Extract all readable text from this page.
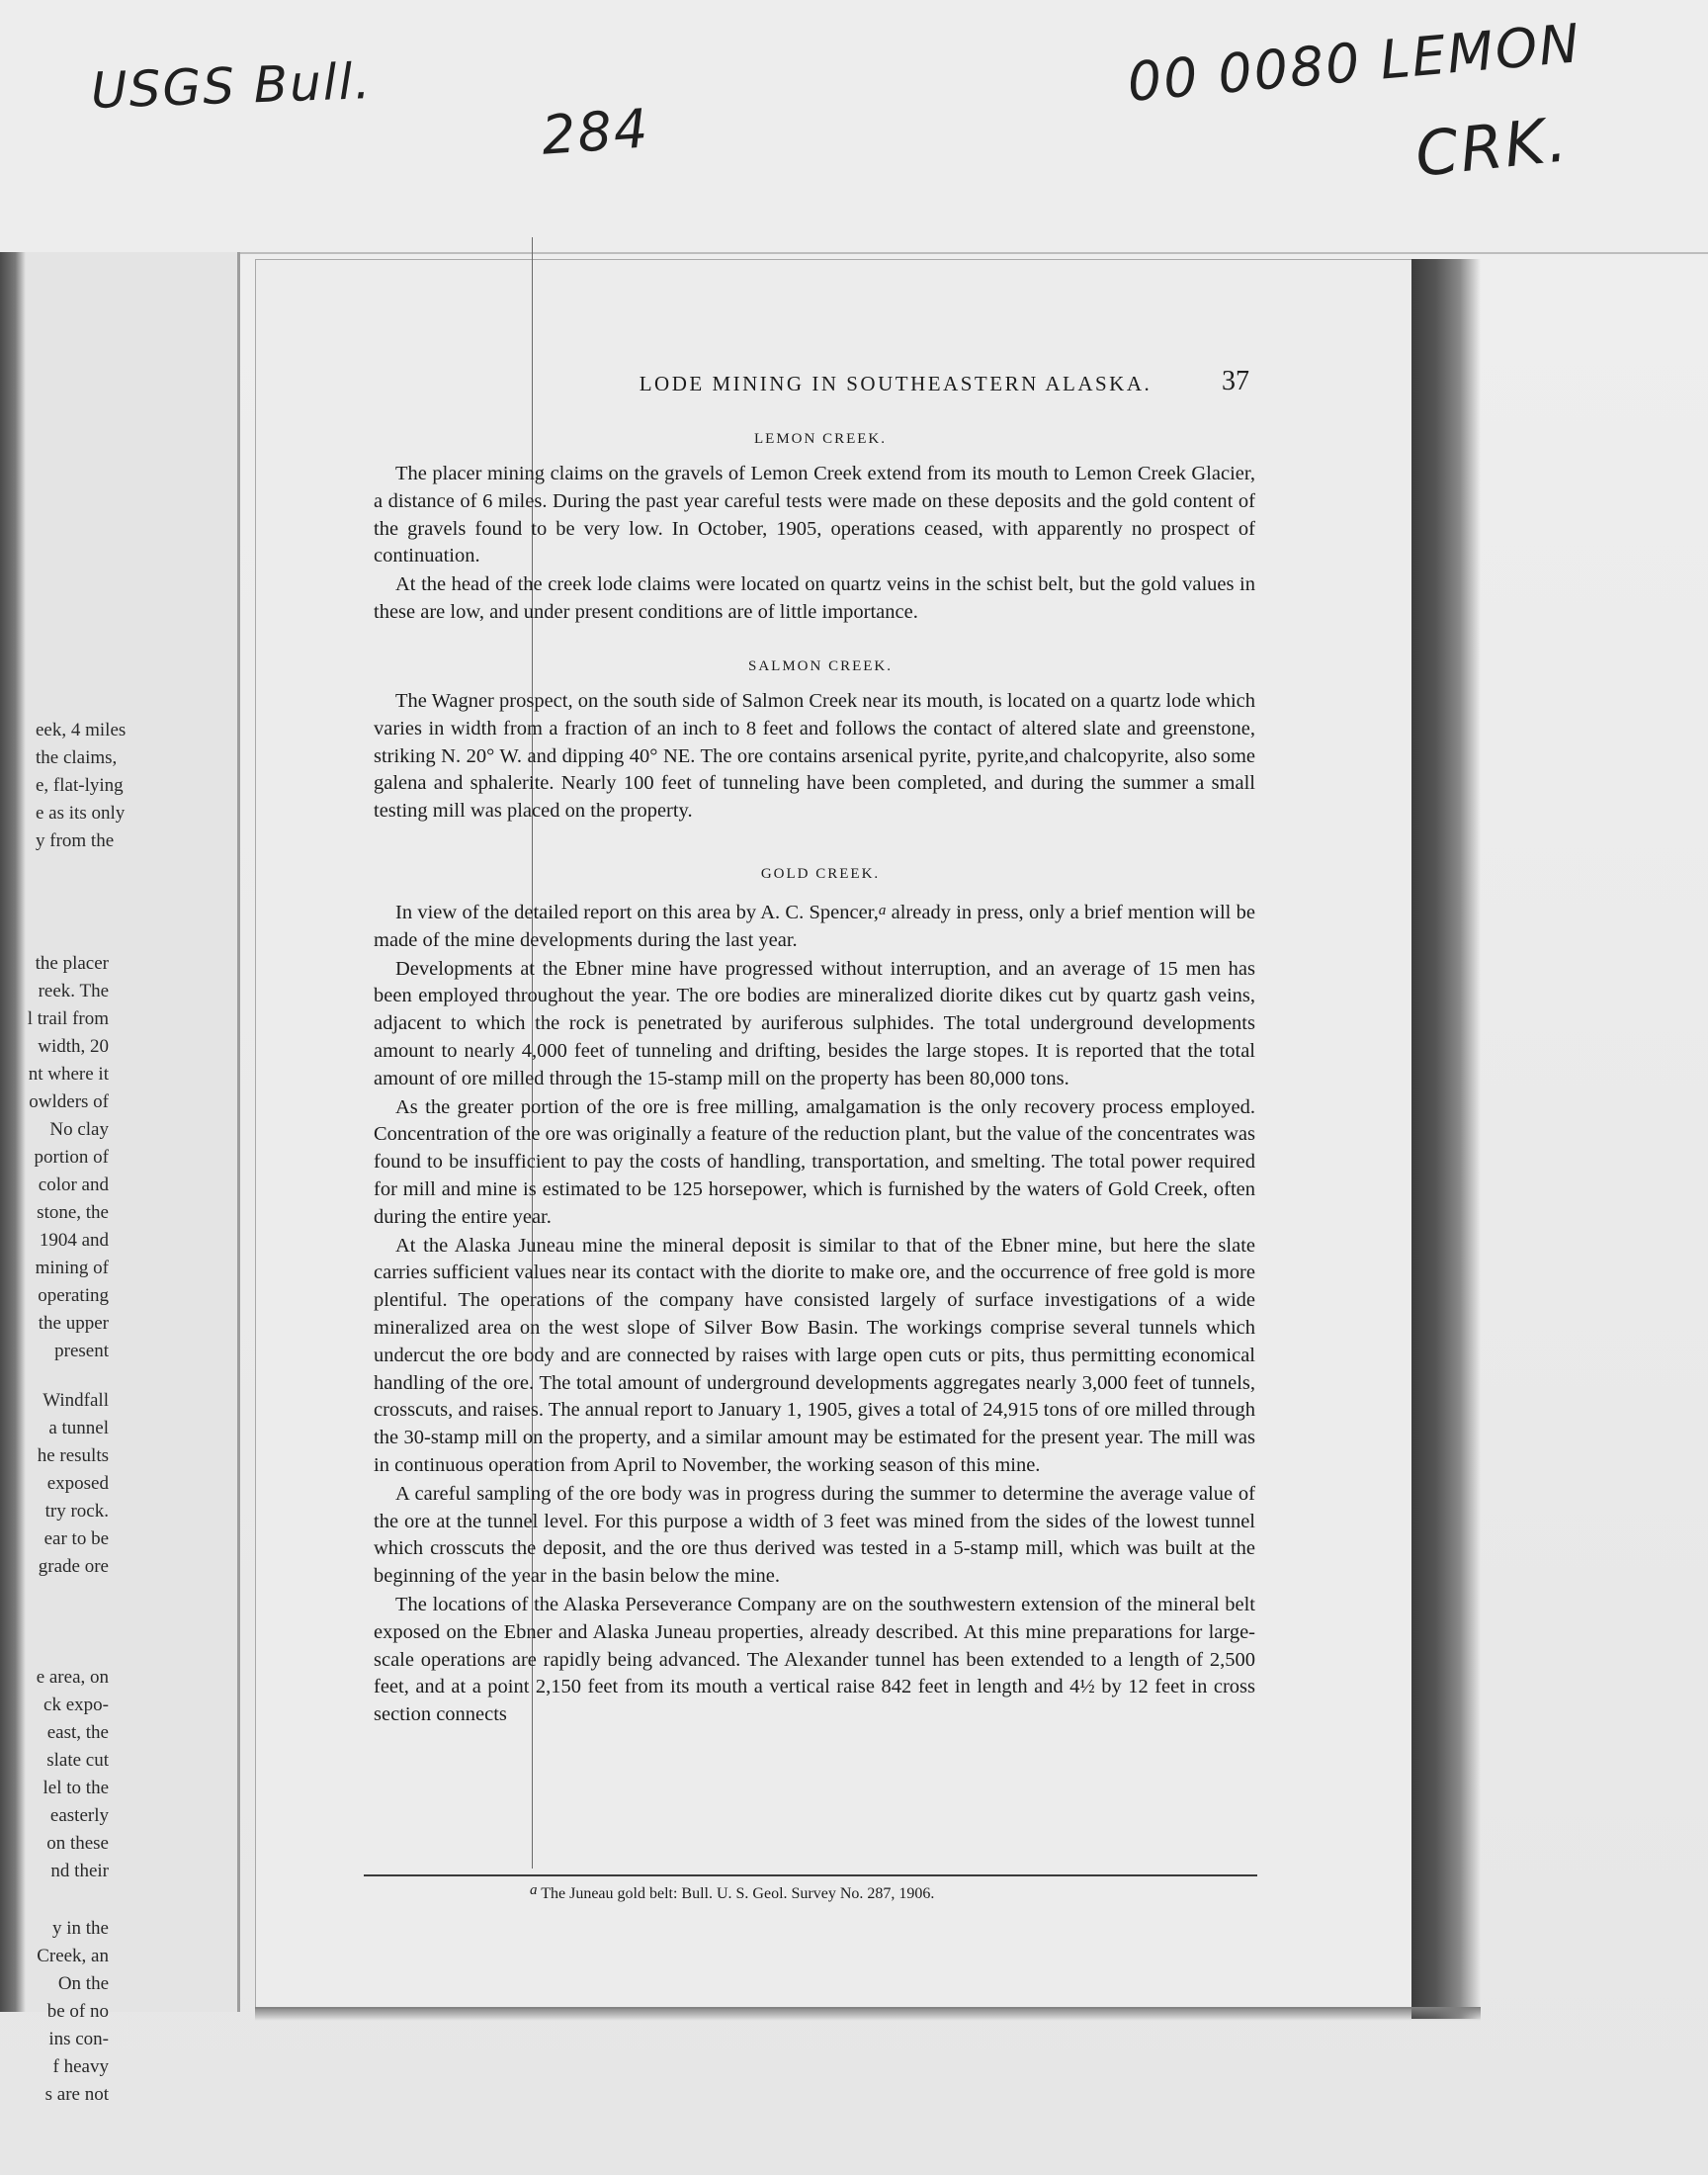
USGS Bull.
284
00 0080 LEMON
CRK.
eek, 4 miles
the claims,
e, flat-lying
e as its only
y from the
the placer
reek. The
l trail from
width, 20
nt where it
owlders of
No clay
portion of
color and
stone, the
1904 and
mining of
operating
the upper
present
Windfall
a tunnel
he results
exposed
try rock.
ear to be
grade ore
e area, on
ck expo-
east, the
slate cut
lel to the
easterly
on these
nd their
y in the
Creek, an
On the
be of no
ins con-
f heavy
s are not
LODE MINING IN SOUTHEASTERN ALASKA.	37
LEMON CREEK.

The placer mining claims on the gravels of Lemon Creek extend from its mouth to Lemon Creek Glacier, a distance of 6 miles. During the past year careful tests were made on these deposits and the gold content of the gravels found to be very low. In October, 1905, operations ceased, with apparently no prospect of continuation.

At the head of the creek lode claims were located on quartz veins in the schist belt, but the gold values in these are low, and under present conditions are of little importance.

SALMON CREEK.

The Wagner prospect, on the south side of Salmon Creek near its mouth, is located on a quartz lode which varies in width from a fraction of an inch to 8 feet and follows the contact of altered slate and greenstone, striking N. 20° W. and dipping 40° NE. The ore contains arsenical pyrite, pyrite,and chalcopyrite, also some galena and sphalerite. Nearly 100 feet of tunneling have been completed, and during the summer a small testing mill was placed on the property.

GOLD CREEK.

In view of the detailed report on this area by A. C. Spencer,a already in press, only a brief mention will be made of the mine developments during the last year.

Developments at the Ebner mine have progressed without interruption, and an average of 15 men has been employed throughout the year. The ore bodies are mineralized diorite dikes cut by quartz gash veins, adjacent to which the rock is penetrated by auriferous sulphides. The total underground developments amount to nearly 4,000 feet of tunneling and drifting, besides the large stopes. It is reported that the total amount of ore milled through the 15-stamp mill on the property has been 80,000 tons.

As the greater portion of the ore is free milling, amalgamation is the only recovery process employed. Concentration of the ore was originally a feature of the reduction plant, but the value of the concentrates was found to be insufficient to pay the costs of handling, transportation, and smelting. The total power required for mill and mine is estimated to be 125 horsepower, which is furnished by the waters of Gold Creek, often during the entire year.

At the Alaska Juneau mine the mineral deposit is similar to that of the Ebner mine, but here the slate carries sufficient values near its contact with the diorite to make ore, and the occurrence of free gold is more plentiful. The operations of the company have consisted largely of surface investigations of a wide mineralized area on the west slope of Silver Bow Basin. The workings comprise several tunnels which undercut the ore body and are connected by raises with large open cuts or pits, thus permitting economical handling of the ore. The total amount of underground developments aggregates nearly 3,000 feet of tunnels, crosscuts, and raises. The annual report to January 1, 1905, gives a total of 24,915 tons of ore milled through the 30-stamp mill on the property, and a similar amount may be estimated for the present year. The mill was in continuous operation from April to November, the working season of this mine.

A careful sampling of the ore body was in progress during the summer to determine the average value of the ore at the tunnel level. For this purpose a width of 3 feet was mined from the sides of the lowest tunnel which crosscuts the deposit, and the ore thus derived was tested in a 5-stamp mill, which was built at the beginning of the year in the basin below the mine.

The locations of the Alaska Perseverance Company are on the southwestern extension of the mineral belt exposed on the Ebner and Alaska Juneau properties, already described. At this mine preparations for large-scale operations are rapidly being advanced. The Alexander tunnel has been extended to a length of 2,500 feet, and at a point 2,150 feet from its mouth a vertical raise 842 feet in length and 4½ by 12 feet in cross section connects

a The Juneau gold belt: Bull. U. S. Geol. Survey No. 287, 1906.
